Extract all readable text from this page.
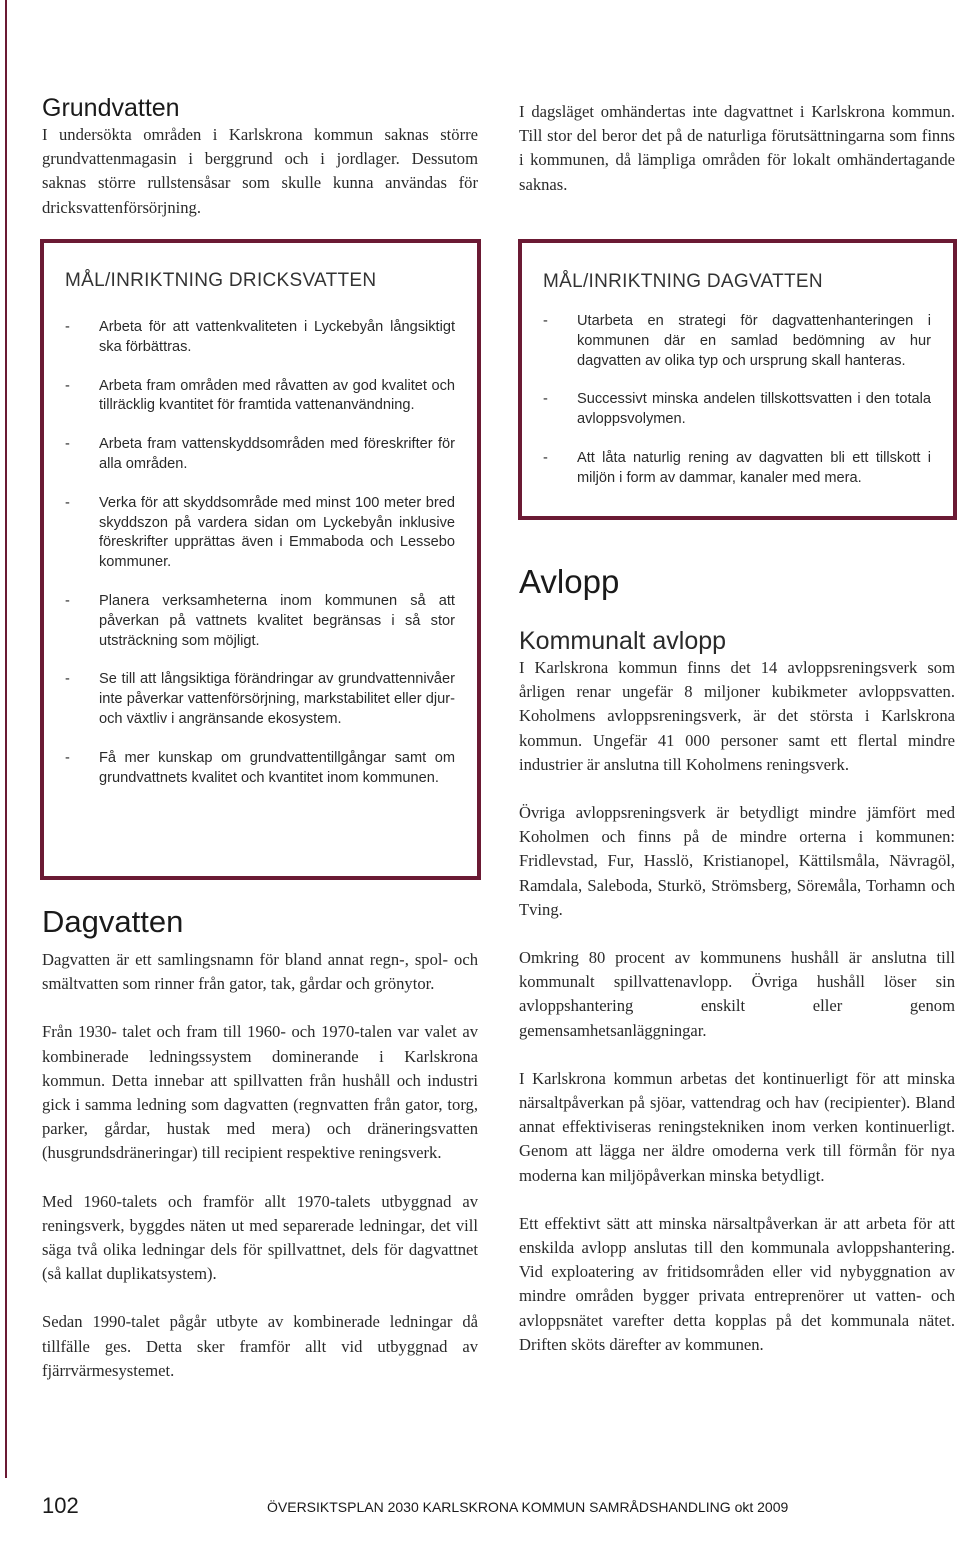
Grundvatten

I undersökta områden i Karlskrona kommun saknas större grundvattenmagasin i berggrund och i jordlager. Dessutom saknas större rullstensåsar som skulle kunna användas för dricksvattenförsörjning.

MÅL/INRIKTNING DRICKSVATTEN

- Arbeta för att vattenkvaliteten i Lyckebyån långsiktigt ska förbättras.
- Arbeta fram områden med råvatten av god kvalitet och tillräcklig kvantitet för framtida vattenanvändning.
- Arbeta fram vattenskyddsområden med föreskrifter för alla områden.
- Verka för att skyddsområde med minst 100 meter bred skyddszon på vardera sidan om Lyckebyån inklusive föreskrifter upprättas även i Emmaboda och Lessebo kommuner.
- Planera verksamheterna inom kommunen så att påverkan på vattnets kvalitet begränsas i så stor utsträckning som möjligt.
- Se till att långsiktiga förändringar av grundvattennivåer inte påverkar vattenförsörjning, markstabilitet eller djur- och växtliv i angränsande ekosystem.
- Få mer kunskap om grundvattentillgångar samt om grundvattnets kvalitet och kvantitet inom kommunen.
Dagvatten

Dagvatten är ett samlingsnamn för bland annat regn-, spol- och smältvatten som rinner från gator, tak, gårdar och grönytor.

Från 1930- talet och fram till 1960- och 1970-talen var valet av kombinerade ledningssystem dominerande i Karlskrona kommun. Detta innebar att spillvatten från hushåll och industri gick i samma ledning som dagvatten (regnvatten från gator, torg, parker, gårdar, hustak med mera) och dräneringsvatten (husgrundsdräneringar) till recipient respektive reningsverk.

Med 1960-talets och framför allt 1970-talets utbyggnad av reningsverk, byggdes näten ut med separerade ledningar, det vill säga två olika ledningar dels för spillvattnet, dels för dagvattnet (så kallat duplikatsystem).

Sedan 1990-talet pågår utbyte av kombinerade ledningar då tillfälle ges. Detta sker framför allt vid utbyggnad av fjärrvärmesystemet.

I dagsläget omhändertas inte dagvattnet i Karlskrona kommun. Till stor del beror det på de naturliga förutsättningarna som finns i kommunen, då lämpliga områden för lokalt omhändertagande saknas.

MÅL/INRIKTNING DAGVATTEN

- Utarbeta en strategi för dagvattenhanteringen i kommunen där en samlad bedömning av hur dagvatten av olika typ och ursprung skall hanteras.
- Successivt minska andelen tillskottsvatten i den totala avloppsvolymen.
- Att låta naturlig rening av dagvatten bli ett tillskott i miljön i form av dammar, kanaler med mera.
Avlopp
Kommunalt avlopp

I Karlskrona kommun finns det 14 avloppsreningsverk som årligen renar ungefär 8 miljoner kubikmeter avloppsvatten. Koholmens avloppsreningsverk, är det största i Karlskrona kommun. Ungefär 41 000 personer samt ett flertal mindre industrier är anslutna till Koholmens reningsverk.

Övriga avloppsreningsverk är betydligt mindre jämfört med Koholmen och finns på de mindre orterna i kommunen: Fridlevstad, Fur, Hasslö, Kristianopel, Kättilsmåla, Nävragöl, Ramdala, Saleboda, Sturkö, Strömsberg, Sörемåla, Torhamn och Tving.

Omkring 80 procent av kommunens hushåll är anslutna till kommunalt spillvattenavlopp. Övriga hushåll löser sin avloppshantering enskilt eller genom gemensamhetsanläggningar.

I Karlskrona kommun arbetas det kontinuerligt för att minska närsaltpåverkan på sjöar, vattendrag och hav (recipienter). Bland annat effektiviseras reningstekniken inom verken kontinuerligt. Genom att lägga ner äldre omoderna verk till förmån för nya moderna kan miljöpåverkan minska betydligt.

Ett effektivt sätt att minska närsaltpåverkan är att arbeta för att enskilda avlopp anslutas till den kommunala avloppshantering. Vid exploatering av fritidsområden eller vid nybyggnation av mindre områden bygger privata entreprenörer ut vatten- och avloppsnätet varefter detta kopplas på det kommunala nätet. Driften sköts därefter av kommunen.

102	ÖVERSIKTSPLAN 2030 KARLSKRONA KOMMUN SAMRÅDSHANDLING okt 2009
